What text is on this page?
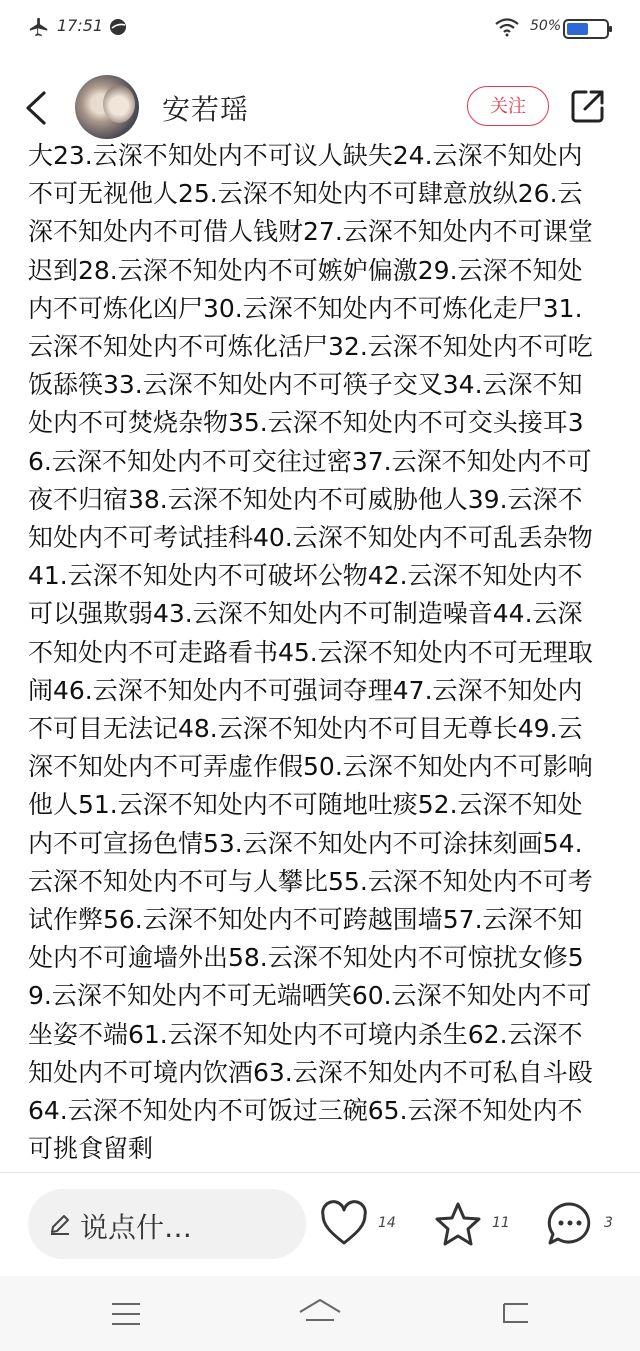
17:51	50%
安若瑶	关注

大23.云深不知处内不可议人缺失24.云深不知处内不可无视他人25.云深不知处内不可肆意放纵26.云深不知处内不可借人钱财27.云深不知处内不可课堂迟到28.云深不知处内不可嫉妒偏激29.云深不知处内不可炼化凶尸30.云深不知处内不可炼化走尸31.云深不知处内不可炼化活尸32.云深不知处内不可吃饭舔筷33.云深不知处内不可筷子交叉34.云深不知处内不可焚烧杂物35.云深不知处内不可交头接耳36.云深不知处内不可交往过密37.云深不知处内不可夜不归宿38.云深不知处内不可威胁他人39.云深不知处内不可考试挂科40.云深不知处内不可乱丢杂物41.云深不知处内不可破坏公物42.云深不知处内不可以强欺弱43.云深不知处内不可制造噪音44.云深不知处内不可走路看书45.云深不知处内不可无理取闹46.云深不知处内不可强词夺理47.云深不知处内不可目无法记48.云深不知处内不可目无尊长49.云深不知处内不可弄虚作假50.云深不知处内不可影响他人51.云深不知处内不可随地吐痰52.云深不知处内不可宣扬色情53.云深不知处内不可涂抹刻画54.云深不知处内不可与人攀比55.云深不知处内不可考试作弊56.云深不知处内不可跨越围墙57.云深不知处内不可逾墙外出58.云深不知处内不可惊扰女修59.云深不知处内不可无端哂笑60.云深不知处内不可坐姿不端61.云深不知处内不可境内杀生62.云深不知处内不可境内饮酒63.云深不知处内不可私自斗殴64.云深不知处内不可饭过三碗65.云深不知处内不可挑食留剩

说点什…	14	11	3
